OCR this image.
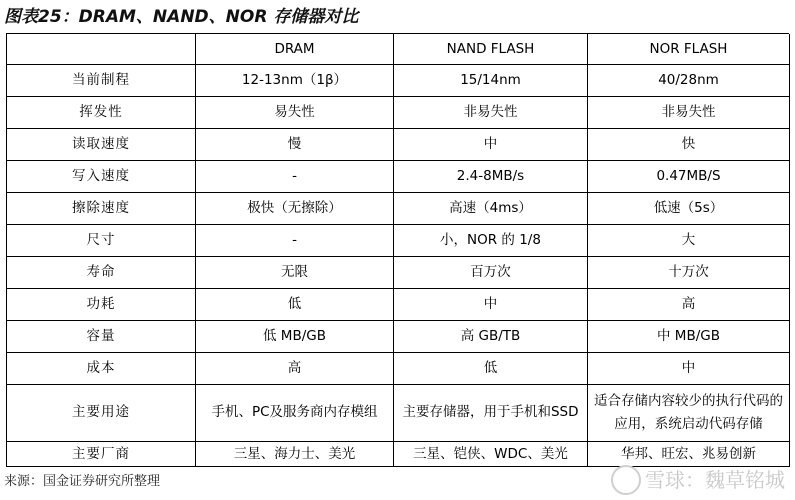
图表25：DRAM、NAND、NOR 存储器对比
	DRAM	NAND FLASH	NOR FLASH
当前制程	12-13nm（1β）	15/14nm	40/28nm
挥发性	易失性	非易失性	非易失性
读取速度	慢	中	快
写入速度	-	2.4-8MB/s	0.47MB/S
擦除速度	极快（无擦除）	高速（4ms）	低速（5s）
尺寸	-	小，NOR 的 1/8	大
寿命	无限	百万次	十万次
功耗	低	中	高
容量	低 MB/GB	高 GB/TB	中 MB/GB
成本	高	低	中
主要用途	手机、PC及服务商内存模组	主要存储器，用于手机和SSD	适合存储内容较少的执行代码的应用，系统启动代码存储
主要厂商	三星、海力士、美光	三星、铠侠、WDC、美光	华邦、旺宏、兆易创新
来源：国金证券研究所整理	雪球：魏草铭城
